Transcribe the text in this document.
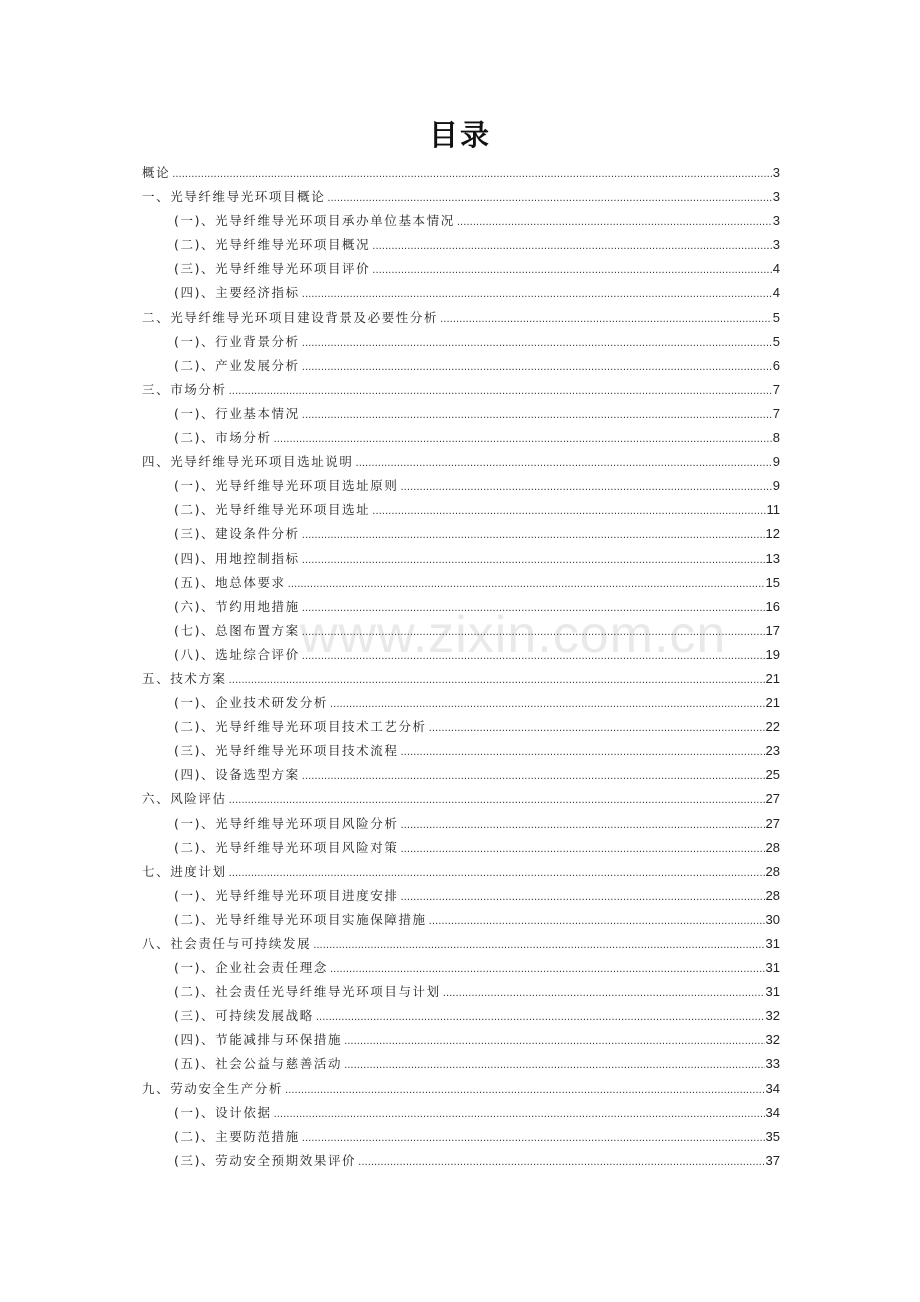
www.zixin.com.cn
目录
概论 .....	3
一、光导纤维导光环项目概论 .....	3
(一)、光导纤维导光环项目承办单位基本情况 .....	3
(二)、光导纤维导光环项目概况 .....	3
(三)、光导纤维导光环项目评价 .....	4
(四)、主要经济指标 .....	4
二、光导纤维导光环项目建设背景及必要性分析 .....	5
(一)、行业背景分析 .....	5
(二)、产业发展分析 .....	6
三、市场分析 .....	7
(一)、行业基本情况 .....	7
(二)、市场分析 .....	8
四、光导纤维导光环项目选址说明 .....	9
(一)、光导纤维导光环项目选址原则 .....	9
(二)、光导纤维导光环项目选址 .....	11
(三)、建设条件分析 .....	12
(四)、用地控制指标 .....	13
(五)、地总体要求 .....	15
(六)、节约用地措施 .....	16
(七)、总图布置方案 .....	17
(八)、选址综合评价 .....	19
五、技术方案 .....	21
(一)、企业技术研发分析 .....	21
(二)、光导纤维导光环项目技术工艺分析 .....	22
(三)、光导纤维导光环项目技术流程 .....	23
(四)、设备选型方案 .....	25
六、风险评估 .....	27
(一)、光导纤维导光环项目风险分析 .....	27
(二)、光导纤维导光环项目风险对策 .....	28
七、进度计划 .....	28
(一)、光导纤维导光环项目进度安排 .....	28
(二)、光导纤维导光环项目实施保障措施 .....	30
八、社会责任与可持续发展 .....	31
(一)、企业社会责任理念 .....	31
(二)、社会责任光导纤维导光环项目与计划 .....	31
(三)、可持续发展战略 .....	32
(四)、节能减排与环保措施 .....	32
(五)、社会公益与慈善活动 .....	33
九、劳动安全生产分析 .....	34
(一)、设计依据 .....	34
(二)、主要防范措施 .....	35
(三)、劳动安全预期效果评价 .....	37
